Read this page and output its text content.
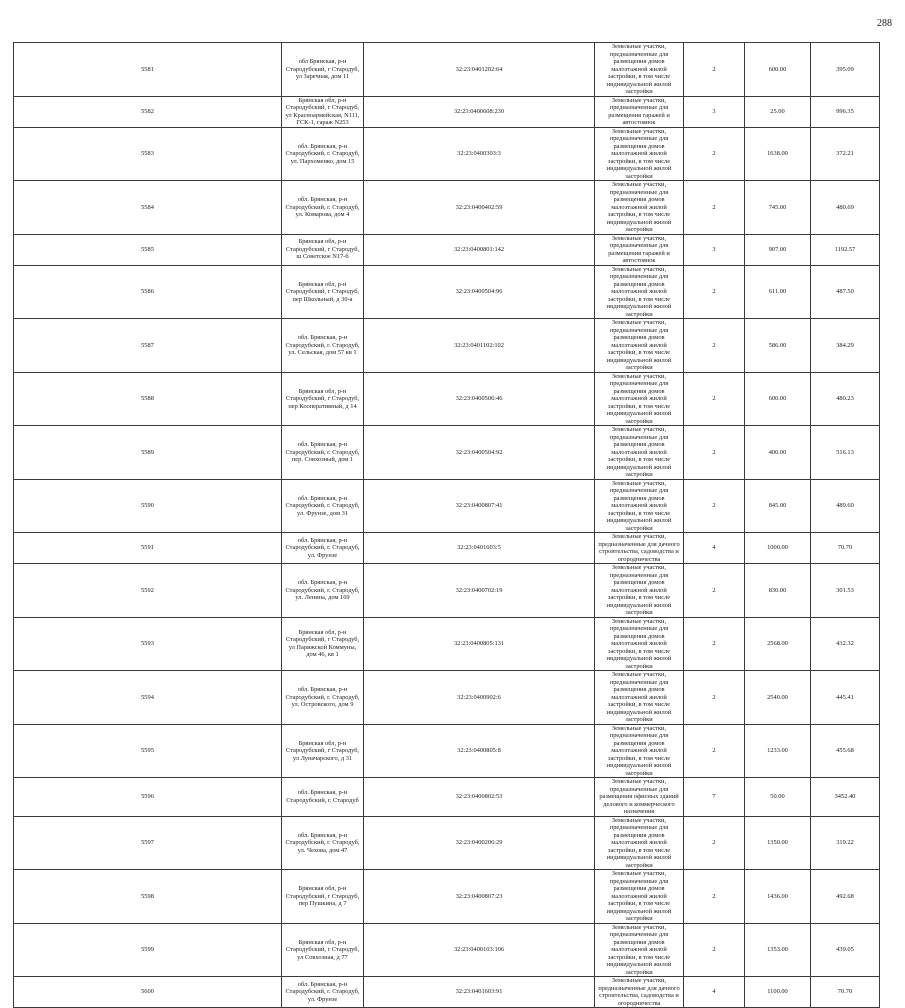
288
5581	обл Брянская, р-н Стародубский, г Стародуб, ул Заречная, дом 11	32:23:0401202:64	Земельные участки, предназначенные для размещения домов малоэтажной жилой застройки, в том числе индивидуальной жилой застройки	2	600.00	395.09	
5582	Брянская обл, р-н Стародубский, г Стародуб, ул Красноармейская, N111, ГСК-1, гараж N253	32:23:0400608:230	Земельные участки, предназначенные для размещения гаражей и автостоянок	3	25.00	996.35	
5583	обл. Брянская, р-н Стародубский, г. Стародуб, ул. Пархоменко, дом 15	32:23:0400303:3	Земельные участки, предназначенные для размещения домов малоэтажной жилой застройки, в том числе индивидуальной жилой застройки	2	1638.00	372.21	
5584	обл. Брянская, р-н Стародубский, г. Стародуб, ул. Комарова, дом 4	32:23:0400402:59	Земельные участки, предназначенные для размещения домов малоэтажной жилой застройки, в том числе индивидуальной жилой застройки	2	745.00	480.69	
5585	Брянская обл, р-н Стародубский, г Стародуб, ш Советское N17-б	32:23:0400801:142	Земельные участки, предназначенные для размещения гаражей и автостоянок	3	907.00	1192.57	
5586	Брянская обл, р-н Стародубский, г Стародуб, пер Школьный, д 30-а	32:23:0400504:96	Земельные участки, предназначенные для размещения домов малоэтажной жилой застройки, в том числе индивидуальной жилой застройки	2	611.00	487.50	
5587	обл. Брянская, р-н Стародубский, г. Стародуб, ул. Сельская, дом 57 кв 1	32:23:0401102:102	Земельные участки, предназначенные для размещения домов малоэтажной жилой застройки, в том числе индивидуальной жилой застройки	2	586.00	384.29	
5588	Брянская обл, р-н Стародубский, г Стародуб, пер Кооперативный, д 14	32:23:0400506:46	Земельные участки, предназначенные для размещения домов малоэтажной жилой застройки, в том числе индивидуальной жилой застройки	2	600.00	480.23	
5589	обл. Брянская, р-н Стародубский, г. Стародуб, пер. Совхозный, дом 1	32:23:0400504:92	Земельные участки, предназначенные для размещения домов малоэтажной жилой застройки, в том числе индивидуальной жилой застройки	2	400.00	516.13	
5590	обл. Брянская, р-н Стародубский, г. Стародуб, ул. Фрунзе, дом 31	32:23:0400807:41	Земельные участки, предназначенные для размещения домов малоэтажной жилой застройки, в том числе индивидуальной жилой застройки	2	845.00	489.60	
5591	обл. Брянская, р-н Стародубский, г. Стародуб, ул. Фрунзе	32:23:0401603:5	Земельные участки, предназначенные для дачного строительства, садоводства и огородничества	4	1000.00	70.70	
5592	обл. Брянская, р-н Стародубский, г. Стародуб, ул. Ленина, дом 169	32:23:0400702:19	Земельные участки, предназначенные для размещения домов малоэтажной жилой застройки, в том числе индивидуальной жилой застройки	2	830.00	301.53	
5593	Брянская обл, р-н Стародубский, г Стародуб, ул Парижской Коммуны, дом 46, кв 1	32:23:0400805:131	Земельные участки, предназначенные для размещения домов малоэтажной жилой застройки, в том числе индивидуальной жилой застройки	2	2568.00	432.32	
5594	обл. Брянская, р-н Стародубский, г. Стародуб, ул. Островского, дом 9	32:23:0400902:6	Земельные участки, предназначенные для размещения домов малоэтажной жилой застройки, в том числе индивидуальной жилой застройки	2	2540.00	445.41	
5595	Брянская обл, р-н Стародубский, г Стародуб, ул Луначарского, д 31	32:23:0400805:8	Земельные участки, предназначенные для размещения домов малоэтажной жилой застройки, в том числе индивидуальной жилой застройки	2	1233.00	455.68	
5596	обл. Брянская, р-н Стародубский, г. Стародуб	32:23:0400802:53	Земельные участки, предназначенные для размещения офисных зданий делового и коммерческого назначения	7	50.00	3452.40	
5597	обл. Брянская, р-н Стародубский, г. Стародуб, ул. Чехова, дом 47	32:23:0400206:29	Земельные участки, предназначенные для размещения домов малоэтажной жилой застройки, в том числе индивидуальной жилой застройки	2	1350.00	319.22	
5598	Брянская обл, р-н Стародубский, г Стародуб, пер Пушкина, д 7	32:23:0400807:23	Земельные участки, предназначенные для размещения домов малоэтажной жилой застройки, в том числе индивидуальной жилой застройки	2	1436.00	492.68	
5599	Брянская обл, р-н Стародубский, г Стародуб, ул Совхозная, д 77	32:23:0400103:106	Земельные участки, предназначенные для размещения домов малоэтажной жилой застройки, в том числе индивидуальной жилой застройки	2	1353.00	439.05	
5600	обл. Брянская, р-н Стародубский, г. Стародуб, ул. Фрунзе	32:23:0401603:91	Земельные участки, предназначенные для дачного строительства, садоводства и огородничества	4	1100.00	70.70	
